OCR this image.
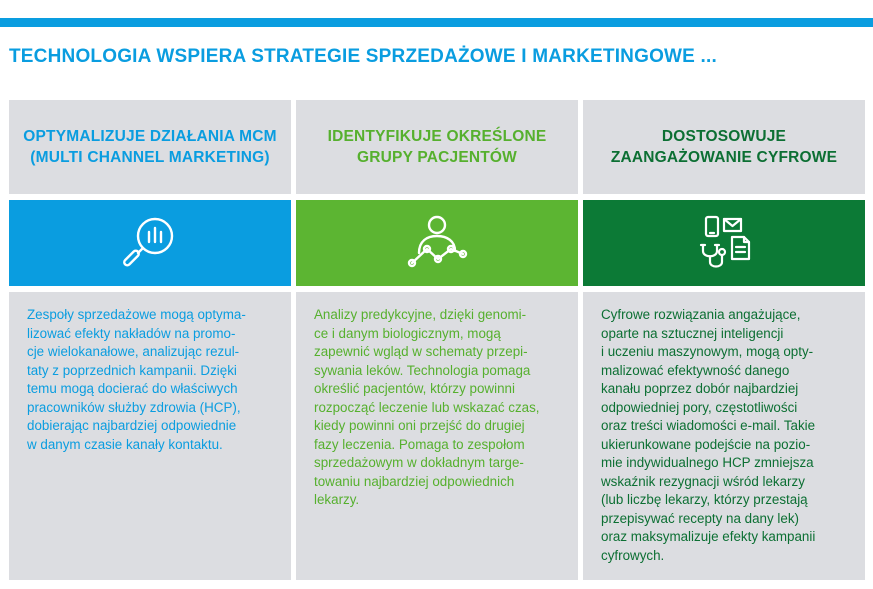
TECHNOLOGIA WSPIERA STRATEGIE SPRZEDAŻOWE I MARKETINGOWE ...
OPTYMALIZUJE DZIAŁANIA MCM
(MULTI CHANNEL MARKETING)

Zespoły sprzedażowe mogą optyma-
lizować efekty nakładów na promo-
cje wielokanałowe, analizując rezul-
taty z poprzednich kampanii. Dzięki
temu mogą docierać do właściwych
pracowników służby zdrowia (HCP),
dobierając najbardziej odpowiednie
w danym czasie kanały kontaktu.

IDENTYFIKUJE OKREŚLONE
GRUPY PACJENTÓW

Analizy predykcyjne, dzięki genomi-
ce i danym biologicznym, mogą
zapewnić wgląd w schematy przepi-
sywania leków. Technologia pomaga
określić pacjentów, którzy powinni
rozpocząć leczenie lub wskazać czas,
kiedy powinni oni przejść do drugiej
fazy leczenia. Pomaga to zespołom
sprzedażowym w dokładnym targe-
towaniu najbardziej odpowiednich
lekarzy.

DOSTOSOWUJE
ZAANGAŻOWANIE CYFROWE

Cyfrowe rozwiązania angażujące,
oparte na sztucznej inteligencji
i uczeniu maszynowym, mogą opty-
malizować efektywność danego
kanału poprzez dobór najbardziej
odpowiedniej pory, częstotliwości
oraz treści wiadomości e-mail. Takie
ukierunkowane podejście na pozio-
mie indywidualnego HCP zmniejsza
wskaźnik rezygnacji wśród lekarzy
(lub liczbę lekarzy, którzy przestają
przepisywać recepty na dany lek)
oraz maksymalizuje efekty kampanii
cyfrowych.
